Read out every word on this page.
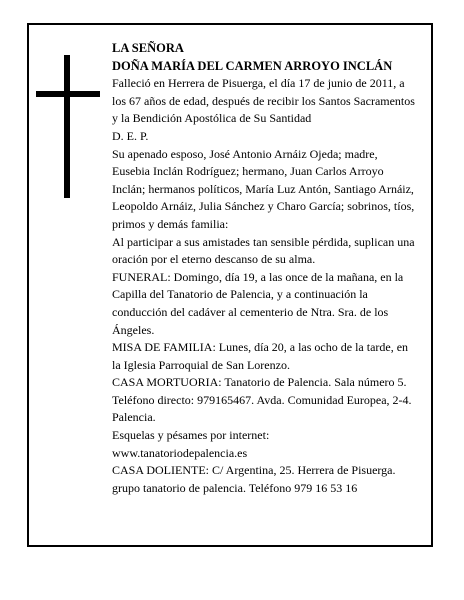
LA SEÑORA

DOÑA MARÍA DEL CARMEN ARROYO INCLÁN

Falleció en Herrera de Pisuerga, el día 17 de junio de 2011, a los 67 años de edad, después de recibir los Santos Sacramentos y la Bendición Apostólica de Su Santidad

D. E. P.

Su apenado esposo, José Antonio Arnáiz Ojeda; madre, Eusebia Inclán Rodríguez; hermano, Juan Carlos Arroyo Inclán; hermanos políticos, María Luz Antón, Santiago Arnáiz, Leopoldo Arnáiz, Julia Sánchez y Charo García; sobrinos, tíos, primos y demás familia:

Al participar a sus amistades tan sensible pérdida, suplican una oración por el eterno descanso de su alma.

FUNERAL: Domingo, día 19, a las once de la mañana, en la Capilla del Tanatorio de Palencia, y a continuación la conducción del cadáver al cementerio de Ntra. Sra. de los Ángeles.

MISA DE FAMILIA: Lunes, día 20, a las ocho de la tarde, en la Iglesia Parroquial de San Lorenzo.

CASA MORTUORIA: Tanatorio de Palencia. Sala número 5. Teléfono directo: 979165467. Avda. Comunidad Europea, 2-4. Palencia.

Esquelas y pésames por internet:

www.tanatoriodepalencia.es

CASA DOLIENTE: C/ Argentina, 25. Herrera de Pisuerga.

grupo tanatorio de palencia. Teléfono 979 16 53 16
